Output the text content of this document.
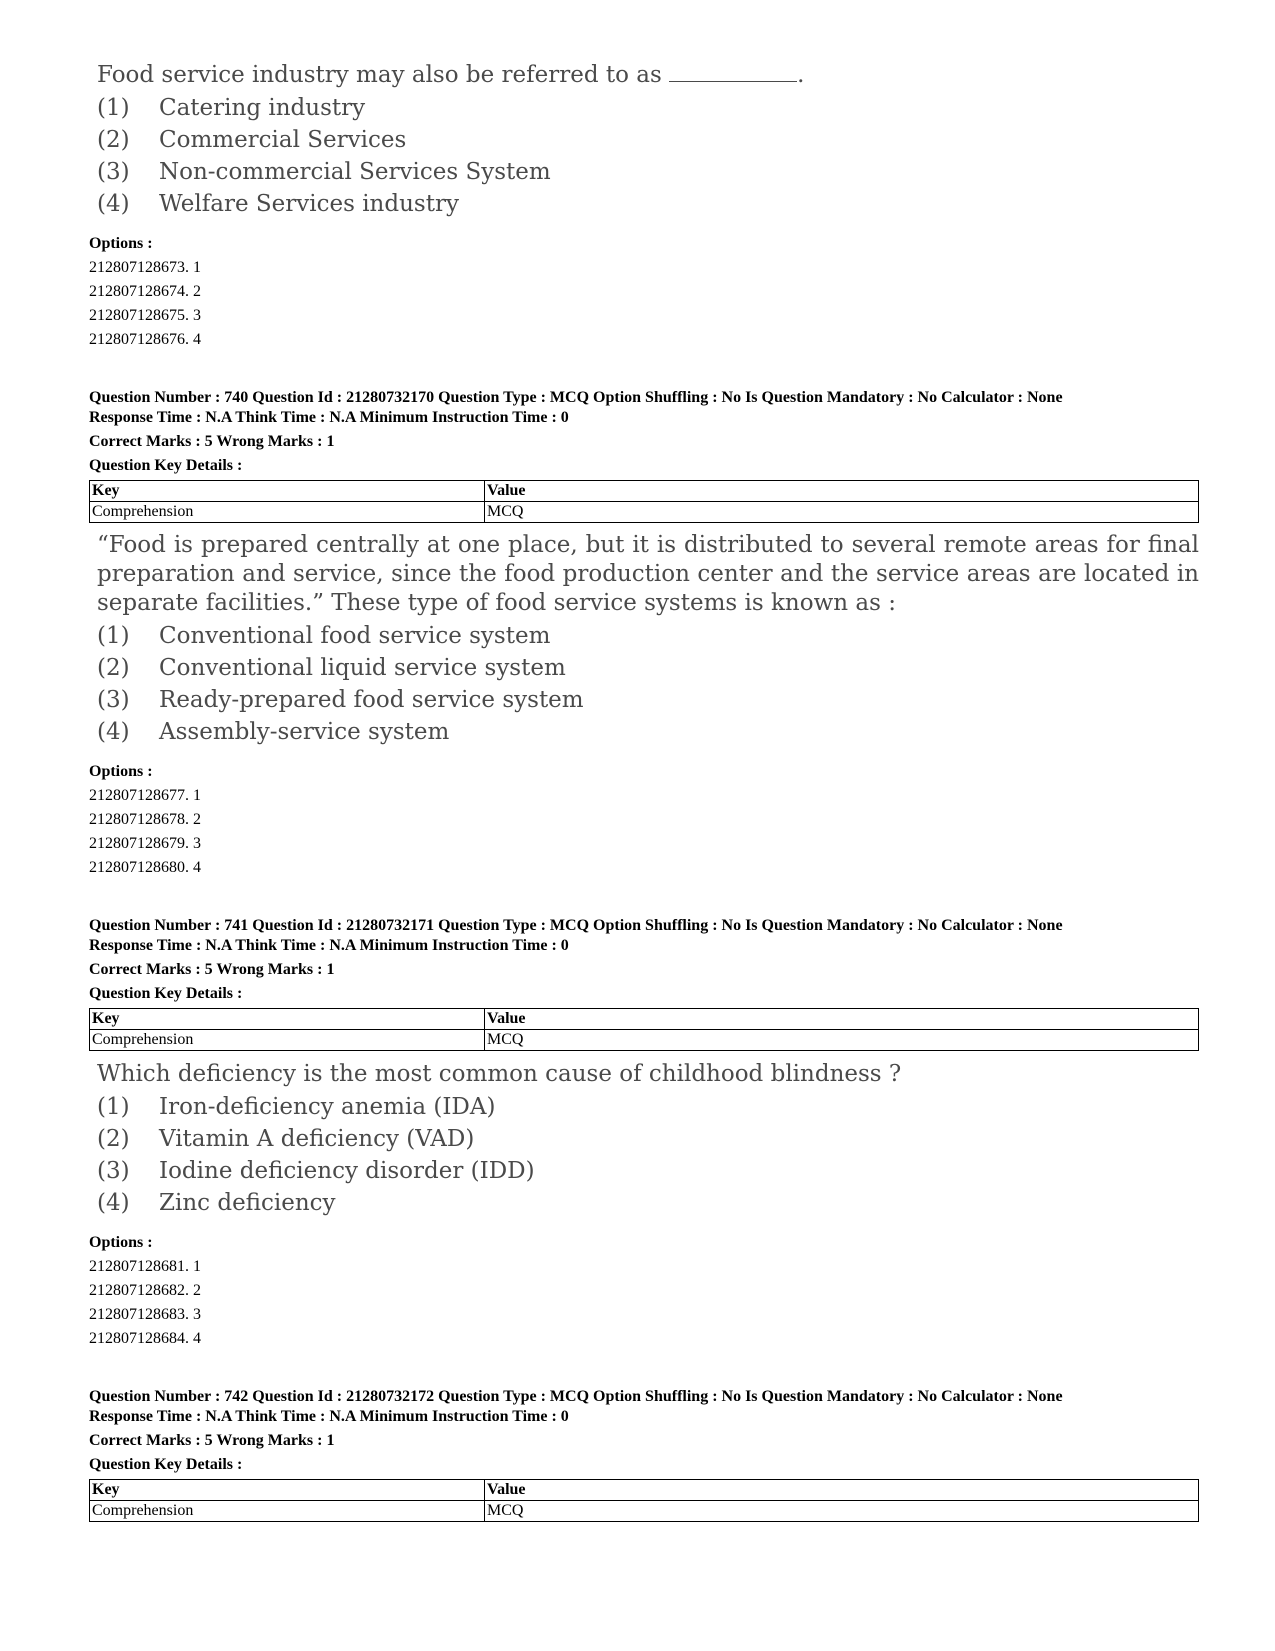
Food service industry may also be referred to as	.
(1)	Catering industry
(2)	Commercial Services
(3)	Non-commercial Services System
(4)	Welfare Services industry
Options :
212807128673. 1
212807128674. 2
212807128675. 3
212807128676. 4
Question Number : 740 Question Id : 21280732170 Question Type : MCQ Option Shuffling : No Is Question Mandatory : No Calculator : None
Response Time : N.A Think Time : N.A Minimum Instruction Time : 0
Correct Marks : 5 Wrong Marks : 1
Question Key Details :
Key	Value
Comprehension	MCQ
“Food is prepared centrally at one place, but it is distributed to several remote areas for final preparation and service, since the food production center and the service areas are located in separate facilities.” These type of food service systems is known as :
(1)	Conventional food service system
(2)	Conventional liquid service system
(3)	Ready-prepared food service system
(4)	Assembly-service system
Options :
212807128677. 1
212807128678. 2
212807128679. 3
212807128680. 4
Question Number : 741 Question Id : 21280732171 Question Type : MCQ Option Shuffling : No Is Question Mandatory : No Calculator : None
Response Time : N.A Think Time : N.A Minimum Instruction Time : 0
Correct Marks : 5 Wrong Marks : 1
Question Key Details :
Key	Value
Comprehension	MCQ
Which deficiency is the most common cause of childhood blindness ?
(1)	Iron-deficiency anemia (IDA)
(2)	Vitamin A deficiency (VAD)
(3)	Iodine deficiency disorder (IDD)
(4)	Zinc deficiency
Options :
212807128681. 1
212807128682. 2
212807128683. 3
212807128684. 4
Question Number : 742 Question Id : 21280732172 Question Type : MCQ Option Shuffling : No Is Question Mandatory : No Calculator : None
Response Time : N.A Think Time : N.A Minimum Instruction Time : 0
Correct Marks : 5 Wrong Marks : 1
Question Key Details :
Key	Value
Comprehension	MCQ
